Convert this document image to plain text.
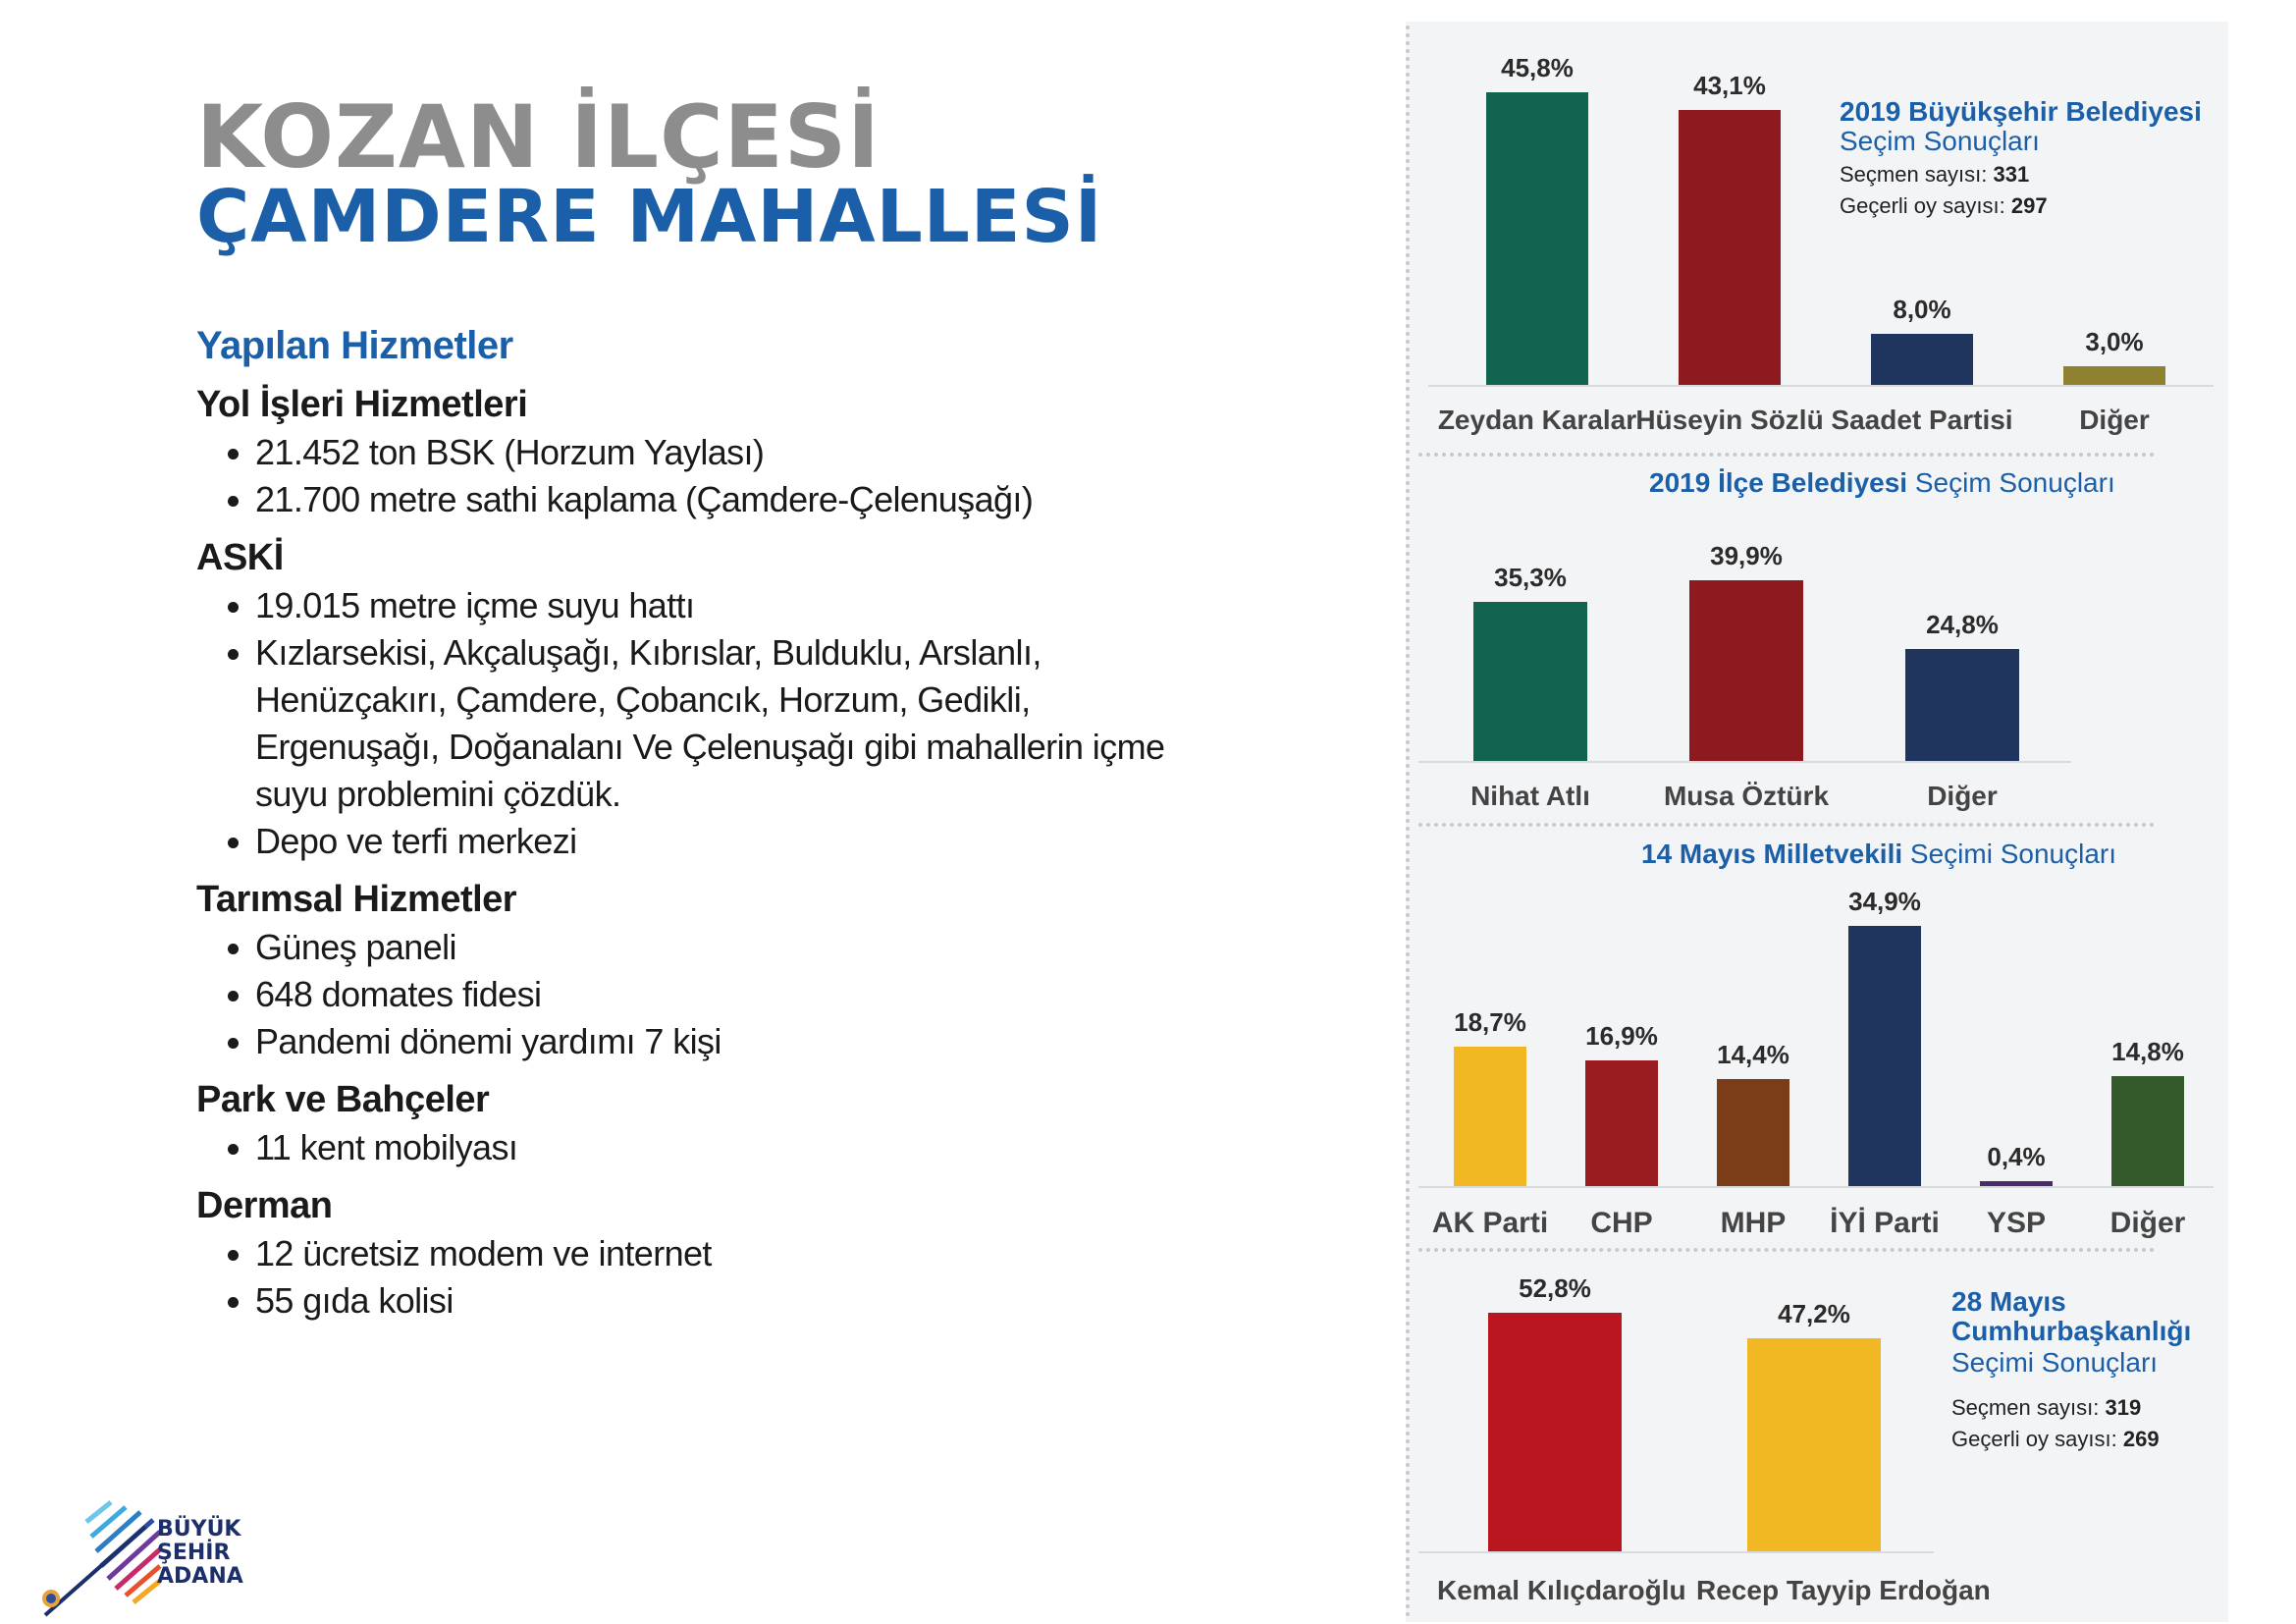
KOZAN İLÇESİ
ÇAMDERE MAHALLESİ
Yapılan Hizmetler
Yol İşleri Hizmetleri
21.452 ton BSK (Horzum Yaylası)
21.700 metre sathi kaplama (Çamdere-Çelenuşağı)
ASKİ
19.015 metre içme suyu hattı
Kızlarsekisi, Akçaluşağı, Kıbrıslar, Bulduklu, Arslanlı, Henüzçakırı, Çamdere, Çobancık, Horzum, Gedikli, Ergenuşağı, Doğanalanı Ve Çelenuşağı gibi mahallerin içme suyu problemini çözdük.
Depo ve terfi merkezi
Tarımsal Hizmetler
Güneş paneli
648 domates fidesi
Pandemi dönemi yardımı 7 kişi
Park ve Bahçeler
11 kent mobilyası
Derman
12 ücretsiz modem ve internet
55 gıda kolisi
BÜYÜK
ŞEHİR
ADANA
2019 Büyükşehir Belediyesi
Seçim Sonuçları
Seçmen sayısı: 331
Geçerli oy sayısı: 297
2019 İlçe Belediyesi Seçim Sonuçları
14 Mayıs Milletvekili Seçimi Sonuçları
28 Mayıs
Cumhurbaşkanlığı
Seçimi Sonuçları
Seçmen sayısı: 319
Geçerli oy sayısı: 269
45,8%
Zeydan Karalar
43,1%
Hüseyin Sözlü
8,0%
Saadet Partisi
3,0%
Diğer
35,3%
Nihat Atlı
39,9%
Musa Öztürk
24,8%
Diğer
18,7%
AK Parti
16,9%
CHP
14,4%
MHP
34,9%
İYİ Parti
0,4%
YSP
14,8%
Diğer
52,8%
Kemal Kılıçdaroğlu
47,2%
Recep Tayyip Erdoğan
